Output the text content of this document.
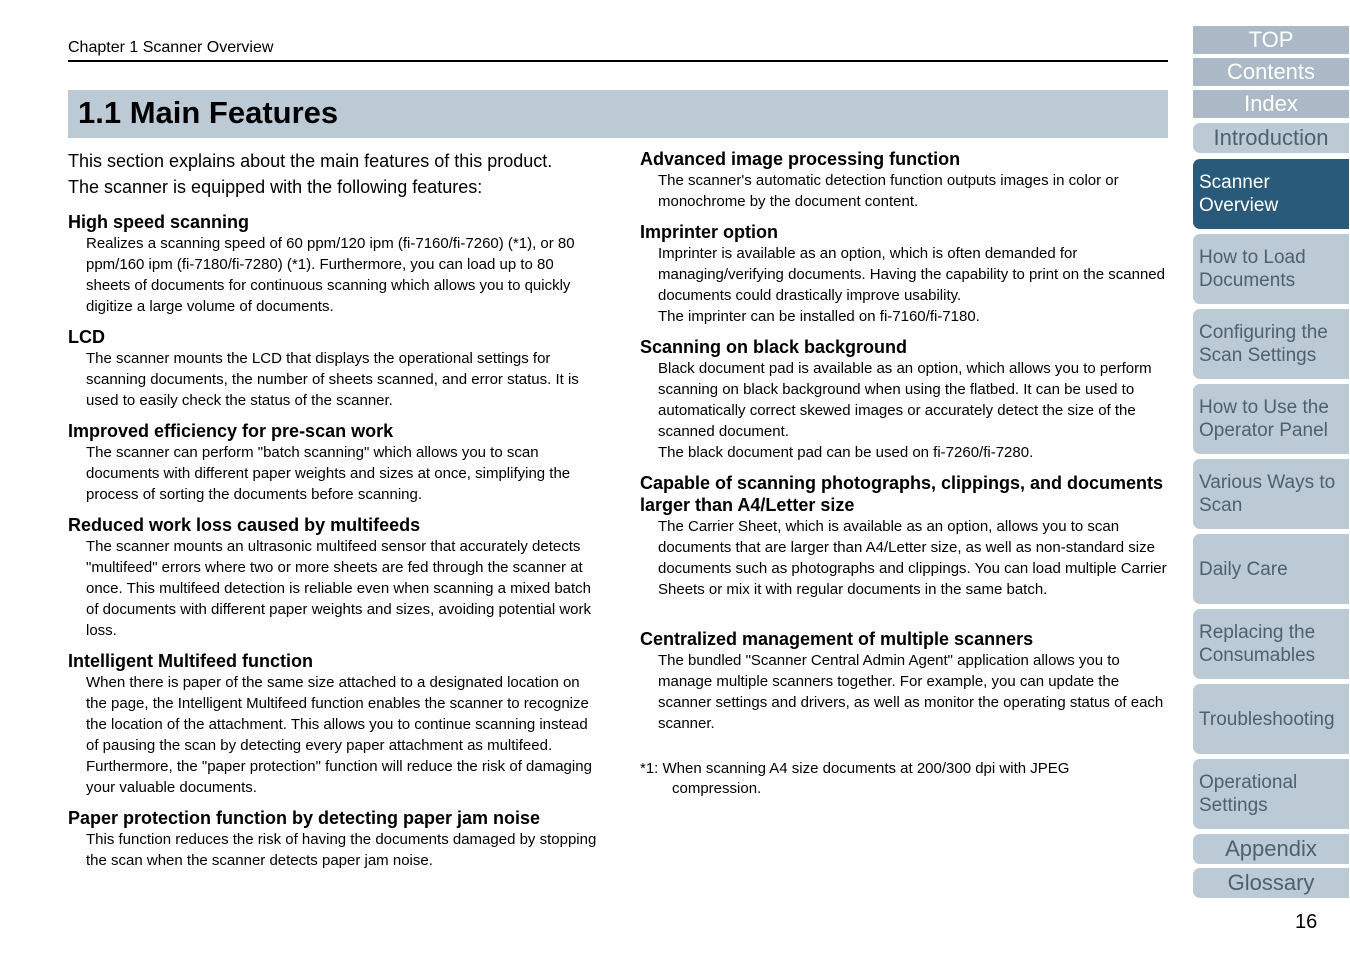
Chapter 1 Scanner Overview
1.1 Main Features

This section explains about the main features of this product.

The scanner is equipped with the following features:

High speed scanning

Realizes a scanning speed of 60 ppm/120 ipm (fi-7160/fi-7260) (*1), or 80 ppm/160 ipm (fi-7180/fi-7280) (*1). Furthermore, you can load up to 80 sheets of documents for continuous scanning which allows you to quickly digitize a large volume of documents.

LCD

The scanner mounts the LCD that displays the operational settings for scanning documents, the number of sheets scanned, and error status. It is used to easily check the status of the scanner.

Improved efficiency for pre-scan work

The scanner can perform "batch scanning" which allows you to scan documents with different paper weights and sizes at once, simplifying the process of sorting the documents before scanning.

Reduced work loss caused by multifeeds

The scanner mounts an ultrasonic multifeed sensor that accurately detects "multifeed" errors where two or more sheets are fed through the scanner at once. This multifeed detection is reliable even when scanning a mixed batch of documents with different paper weights and sizes, avoiding potential work loss.

Intelligent Multifeed function

When there is paper of the same size attached to a designated location on the page, the Intelligent Multifeed function enables the scanner to recognize the location of the attachment. This allows you to continue scanning instead of pausing the scan by detecting every paper attachment as multifeed. Furthermore, the "paper protection" function will reduce the risk of damaging your valuable documents.

Paper protection function by detecting paper jam noise

This function reduces the risk of having the documents damaged by stopping the scan when the scanner detects paper jam noise.

Advanced image processing function

The scanner's automatic detection function outputs images in color or monochrome by the document content.

Imprinter option

Imprinter is available as an option, which is often demanded for managing/verifying documents. Having the capability to print on the scanned documents could drastically improve usability.

The imprinter can be installed on fi-7160/fi-7180.

Scanning on black background

Black document pad is available as an option, which allows you to perform scanning on black background when using the flatbed. It can be used to automatically correct skewed images or accurately detect the size of the scanned document.

The black document pad can be used on fi-7260/fi-7280.

Capable of scanning photographs, clippings, and documents larger than A4/Letter size

The Carrier Sheet, which is available as an option, allows you to scan documents that are larger than A4/Letter size, as well as non-standard size documents such as photographs and clippings. You can load multiple Carrier Sheets or mix it with regular documents in the same batch.

Centralized management of multiple scanners

The bundled "Scanner Central Admin Agent" application allows you to manage multiple scanners together. For example, you can update the scanner settings and drivers, as well as monitor the operating status of each scanner.

*1: When scanning A4 size documents at 200/300 dpi with JPEG compression.
TOP
Contents
Index
Introduction
Scanner Overview
How to Load Documents
Configuring the Scan Settings
How to Use the Operator Panel
Various Ways to Scan
Daily Care
Replacing the Consumables
Troubleshooting
Operational Settings
Appendix
Glossary
16
